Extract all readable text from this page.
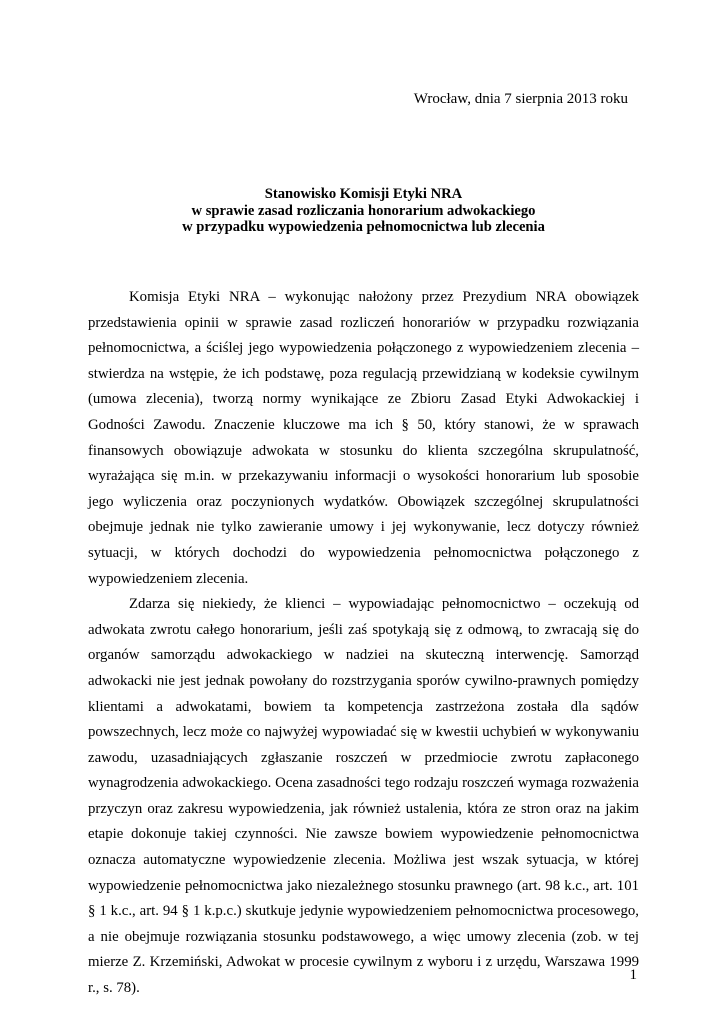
Wrocław, dnia 7 sierpnia 2013 roku
Stanowisko Komisji Etyki NRA
w sprawie zasad rozliczania honorarium adwokackiego
w przypadku wypowiedzenia pełnomocnictwa lub zlecenia

Komisja Etyki NRA – wykonując nałożony przez Prezydium NRA obowiązek przedstawienia opinii w sprawie zasad rozliczeń honorariów w przypadku rozwiązania pełnomocnictwa, a ściślej jego wypowiedzenia połączonego z wypowiedzeniem zlecenia – stwierdza na wstępie, że ich podstawę, poza regulacją przewidzianą w kodeksie cywilnym (umowa zlecenia), tworzą normy wynikające ze Zbioru Zasad Etyki Adwokackiej i Godności Zawodu. Znaczenie kluczowe ma ich § 50, który stanowi, że w sprawach finansowych obowiązuje adwokata w stosunku do klienta szczególna skrupulatność, wyrażająca się m.in. w przekazywaniu informacji o wysokości honorarium lub sposobie jego wyliczenia oraz poczynionych wydatków. Obowiązek szczególnej skrupulatności obejmuje jednak nie tylko zawieranie umowy i jej wykonywanie, lecz dotyczy również sytuacji, w których dochodzi do wypowiedzenia pełnomocnictwa połączonego z wypowiedzeniem zlecenia.

Zdarza się niekiedy, że klienci – wypowiadając pełnomocnictwo – oczekują od adwokata zwrotu całego honorarium, jeśli zaś spotykają się z odmową, to zwracają się do organów samorządu adwokackiego w nadziei na skuteczną interwencję. Samorząd adwokacki nie jest jednak powołany do rozstrzygania sporów cywilno-prawnych pomiędzy klientami a adwokatami, bowiem ta kompetencja zastrzeżona została dla sądów powszechnych, lecz może co najwyżej wypowiadać się w kwestii uchybień w wykonywaniu zawodu, uzasadniających zgłaszanie roszczeń w przedmiocie zwrotu zapłaconego wynagrodzenia adwokackiego. Ocena zasadności tego rodzaju roszczeń wymaga rozważenia przyczyn oraz zakresu wypowiedzenia, jak również ustalenia, która ze stron oraz na jakim etapie dokonuje takiej czynności. Nie zawsze bowiem wypowiedzenie pełnomocnictwa oznacza automatyczne wypowiedzenie zlecenia. Możliwa jest wszak sytuacja, w której wypowiedzenie pełnomocnictwa jako niezależnego stosunku prawnego (art. 98 k.c., art. 101 § 1 k.c., art. 94 § 1 k.p.c.) skutkuje jedynie wypowiedzeniem pełnomocnictwa procesowego, a nie obejmuje rozwiązania stosunku podstawowego, a więc umowy zlecenia (zob. w tej mierze Z. Krzemiński, Adwokat w procesie cywilnym z wyboru i z urzędu, Warszawa 1999 r., s. 78).

1
